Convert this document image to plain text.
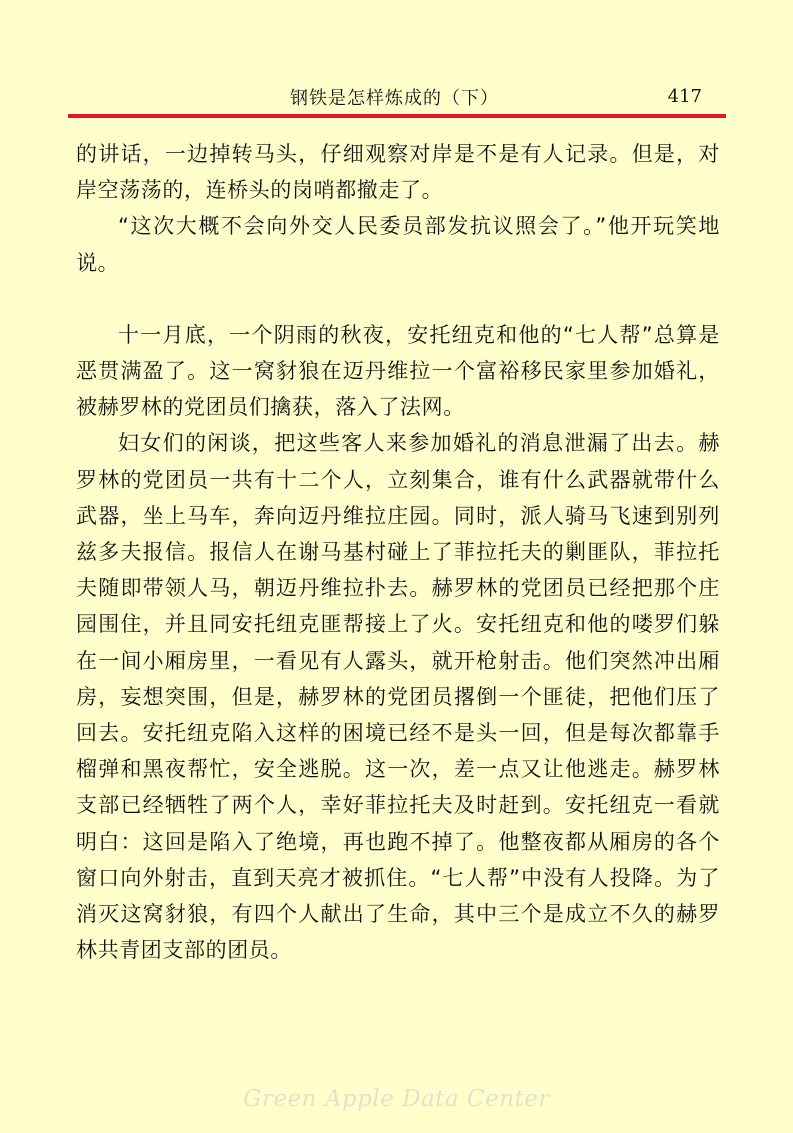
钢铁是怎样炼成的（下）	417

的讲话，一边掉转马头，仔细观察对岸是不是有人记录。但是，对岸空荡荡的，连桥头的岗哨都撤走了。

“这次大概不会向外交人民委员部发抗议照会了。”他开玩笑地说。

十一月底，一个阴雨的秋夜，安托纽克和他的“七人帮”总算是恶贯满盈了。这一窝豺狼在迈丹维拉一个富裕移民家里参加婚礼，被赫罗林的党团员们擒获，落入了法网。

妇女们的闲谈，把这些客人来参加婚礼的消息泄漏了出去。赫罗林的党团员一共有十二个人，立刻集合，谁有什么武器就带什么武器，坐上马车，奔向迈丹维拉庄园。同时，派人骑马飞速到别列兹多夫报信。报信人在谢马基村碰上了菲拉托夫的剿匪队，菲拉托夫随即带领人马，朝迈丹维拉扑去。赫罗林的党团员已经把那个庄园围住，并且同安托纽克匪帮接上了火。安托纽克和他的喽罗们躲在一间小厢房里，一看见有人露头，就开枪射击。他们突然冲出厢房，妄想突围，但是，赫罗林的党团员撂倒一个匪徒，把他们压了回去。安托纽克陷入这样的困境已经不是头一回，但是每次都靠手榴弹和黑夜帮忙，安全逃脱。这一次，差一点又让他逃走。赫罗林支部已经牺牲了两个人，幸好菲拉托夫及时赶到。安托纽克一看就明白：这回是陷入了绝境，再也跑不掉了。他整夜都从厢房的各个窗口向外射击，直到天亮才被抓住。“七人帮”中没有人投降。为了消灭这窝豺狼，有四个人献出了生命，其中三个是成立不久的赫罗林共青团支部的团员。

Green Apple Data Center
